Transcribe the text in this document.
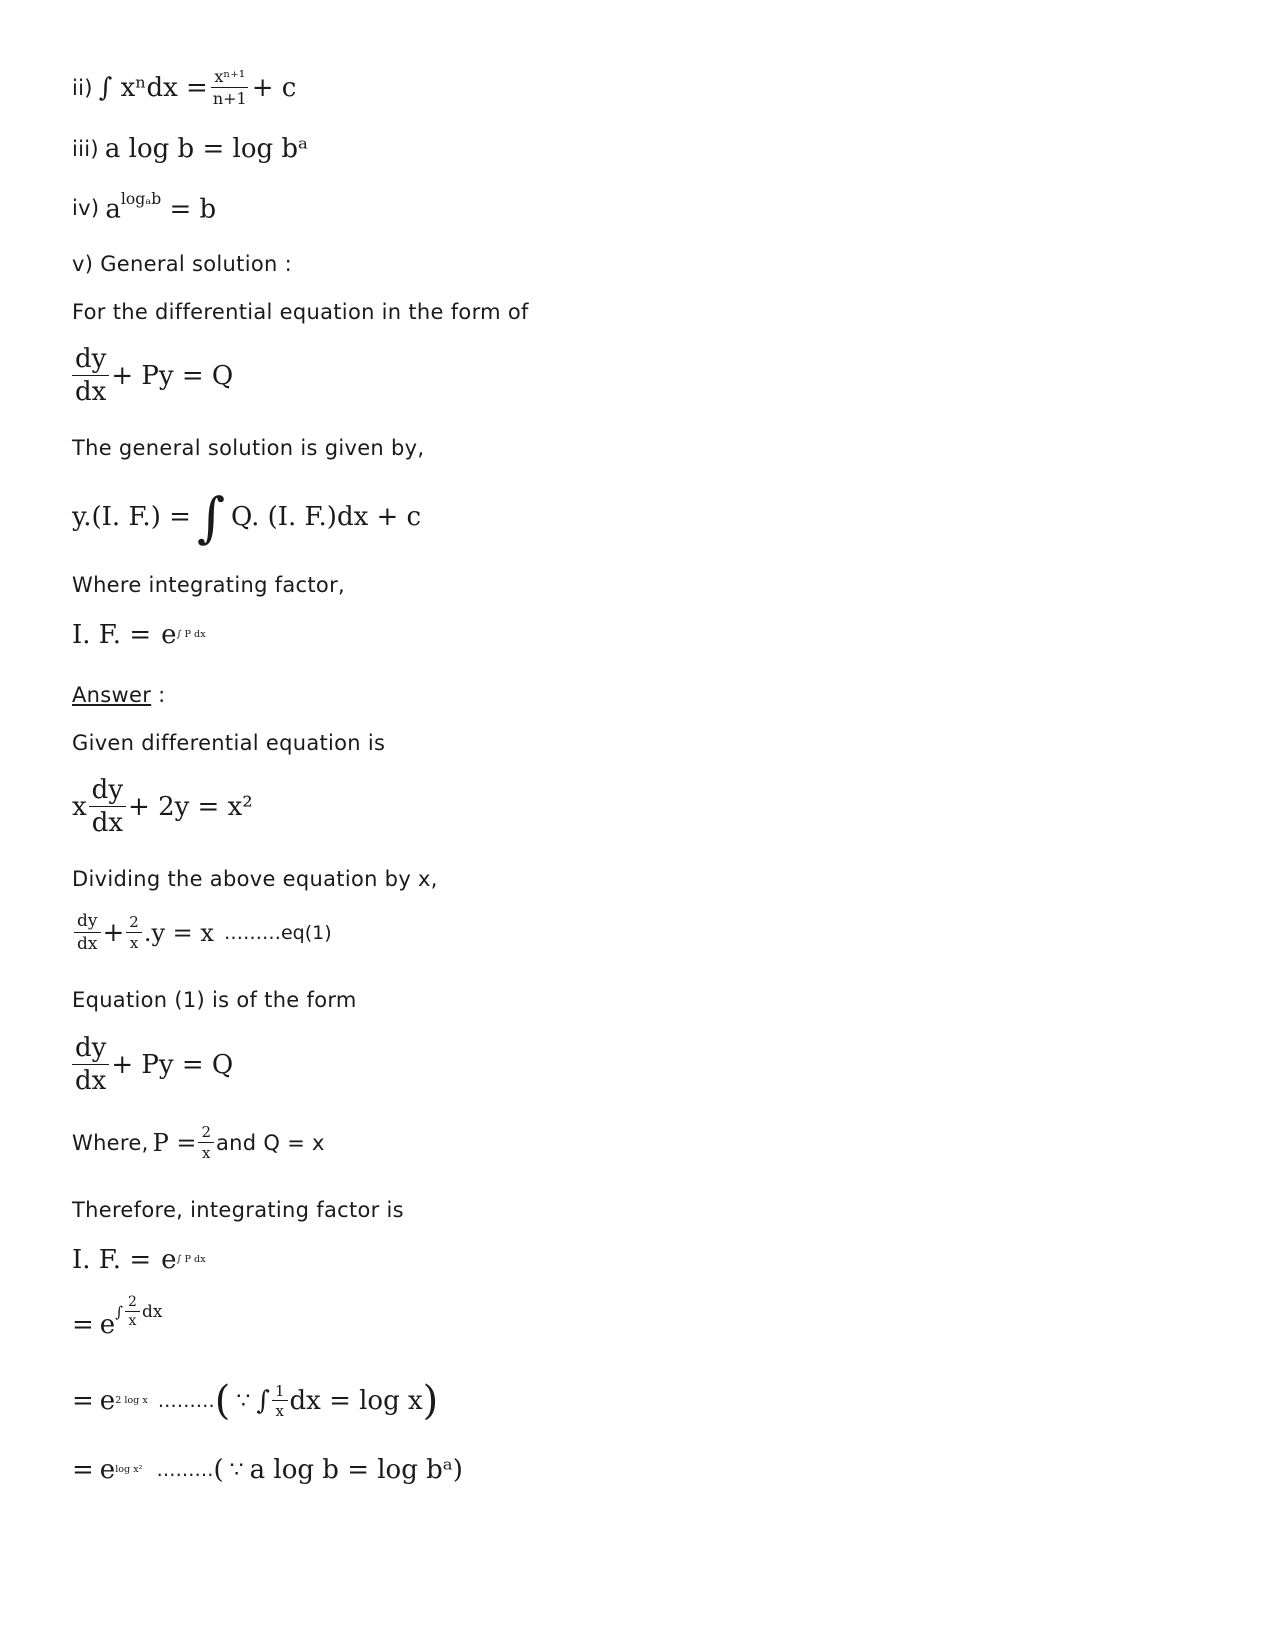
ii) ∫ $x^ndx = \frac{\text{xⁿ⁺¹}}{n+1} + c$
iii) a log b = log bᵃ
iv) alogₐb = b
v) General solution :
For the differential equation in the form of
$\frac{dy}{dx} + Py = Q$
The general solution is given by,
y.(I. F.) = ∫ Q. (I. F.)dx + c
Where integrating factor,
I. F. = e ∫ P dx
Answer :
Given differential equation is
x $\frac{dy}{dx} + 2y = x^2$
Dividing the above equation by x,
$\frac{dy}{dx} + \frac{2}{x} .y = x$ ………eq(1)
Equation (1) is of the form
$\frac{dy}{dx} + Py = Q$
Where, $P = \frac{2}{x}$ and Q = x
Therefore, integrating factor is
I. F. = e ∫ P dx
= e ∫ $\frac{2}{x}$ dx
= e 2 log x ……… ( ∵ ∫ $\frac{1}{x}$ dx = log x )
= e log x² ……… ( ∵ a log b = log bᵃ )
